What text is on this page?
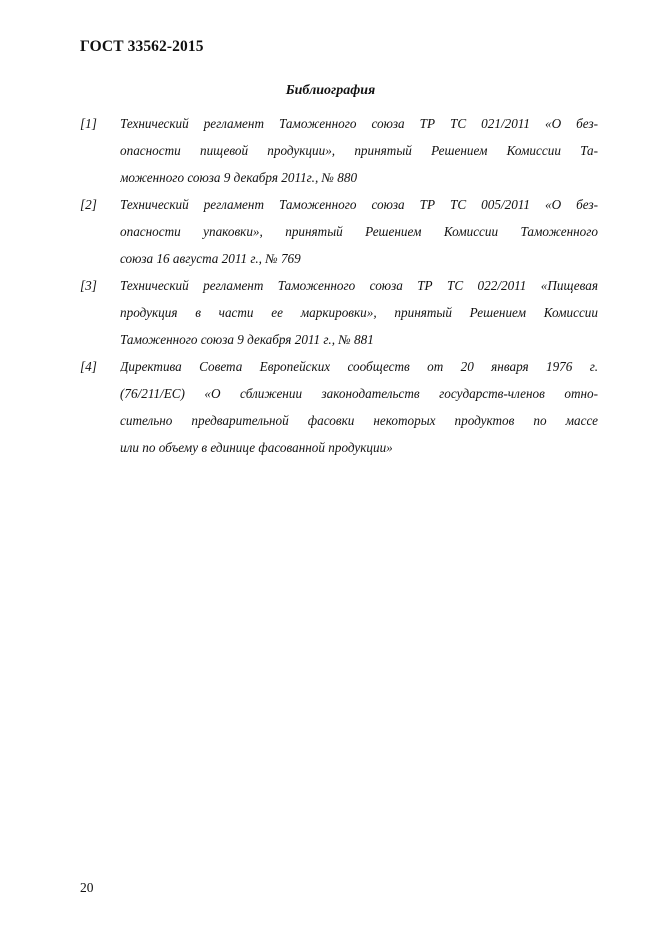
ГОСТ 33562-2015
Библиография
[1] Технический регламент Таможенного союза ТР ТС 021/2011 «О без-
опасности пищевой продукции», принятый Решением Комиссии Та-
моженного союза 9 декабря 2011г., № 880
[2] Технический регламент Таможенного союза ТР ТС 005/2011 «О без-
опасности упаковки», принятый Решением Комиссии Таможенного
союза 16 августа 2011 г., № 769
[3] Технический регламент Таможенного союза ТР ТС 022/2011 «Пищевая
продукция в части ее маркировки», принятый Решением Комиссии
Таможенного союза 9 декабря 2011 г., № 881
[4] Директива Совета Европейских сообществ от 20 января 1976 г.
(76/211/ЕС) «О сближении законодательств государств-членов отно-
сительно предварительной фасовки некоторых продуктов по массе
или по объему в единице фасованной продукции»
20
